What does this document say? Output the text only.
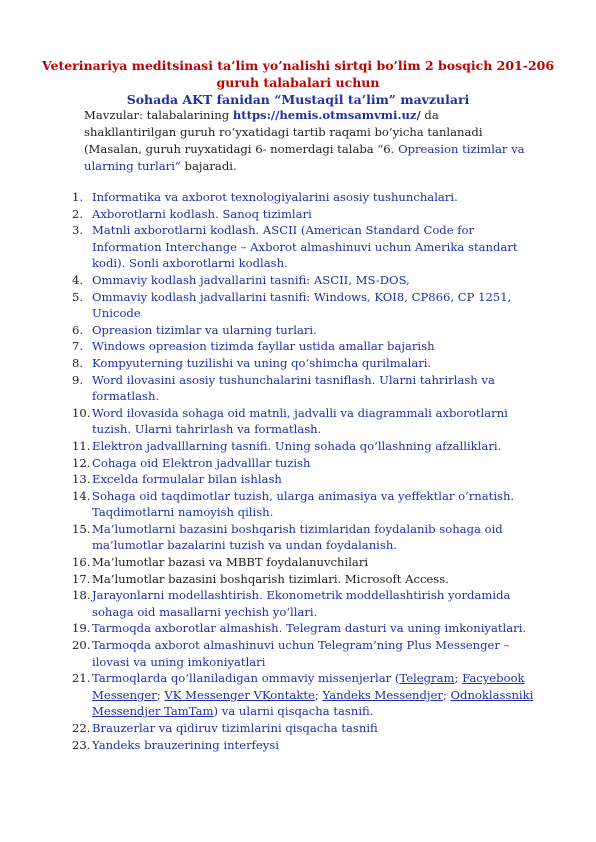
Veterinariya meditsinasi ta’lim yo’nalishi sirtqi bo’lim 2 bosqich 201-206
guruh talabalari uchun
Sohada AKT fanidan “Mustaqil ta’lim” mavzulari
Mavzular: talabalarining https://hemis.otmsamvmi.uz/ da shakllantirilgan guruh ro‘yxatidagi tartib raqami bo‘yicha tanlanadi (Masalan, guruh ruyxatidagi 6- nomerdagi talaba “6. Opreasion tizimlar va ularning turlari” bajaradi.
1. Informatika va axborot texnologiyalarini asosiy tushunchalari.
2. Axborotlarni kodlash. Sanoq tizimlari
3. Matnli axborotlarni kodlash. ASCII (American Standard Code for Information Interchange – Axborot almashinuvi uchun Amerika standart kodi). Sonli axborotlarni kodlash.
4. Ommaviy kodlash jadvallarini tasnifi: ASCII, MS-DOS,
5. Ommaviy kodlash jadvallarini tasnifi: Windows, KOI8, CP866, CP 1251, Unicode
6. Opreasion tizimlar va ularning turlari.
7. Windows opreasion tizimda fayllar ustida amallar bajarish
8. Kompyuterning tuzilishi va uning qo‘shimcha qurilmalari.
9. Word ilovasini asosiy tushunchalarini tasniflash. Ularni tahrirlash va formatlash.
10. Word ilovasida sohaga oid matnli, jadvalli va diagrammali axborotlarni tuzish. Ularni tahrirlash va formatlash.
11. Elektron jadvalllarning tasnifi. Uning sohada qo‘llashning afzalliklari.
12. Cohaga oid Elektron jadvalllar tuzish
13. Excelda formulalar bilan ishlash
14. Sohaga oid taqdimotlar tuzish, ularga animasiya va yeffektlar o‘rnatish. Taqdimotlarni namoyish qilish.
15. Ma’lumotlarni bazasini boshqarish tizimlaridan foydalanib sohaga oid ma’lumotlar bazalarini tuzish va undan foydalanish.
16. Ma’lumotlar bazasi va MBBT foydalanuvchilari
17. Ma’lumotlar bazasini boshqarish tizimlari. Microsoft Access.
18. Jarayonlarni modellashtirish. Ekonometrik moddellashtirish yordamida sohaga oid masallarni yechish yo‘llari.
19. Tarmoqda axborotlar almashish. Telegram dasturi va uning imkoniyatlari.
20. Tarmoqda axborot almashinuvi uchun Telegram’ning Plus Messenger – ilovasi va uning imkoniyatlari
21. Tarmoqlarda qo‘llaniladigan ommaviy missenjerlar (Telegram; Facyebook Messenger; VK Messenger VKontakte; Yandeks Messendjer; Odnoklassniki Messendjer TamTam) va ularni qisqacha tasnifi.
22. Brauzerlar va qidiruv tizimlarini qisqacha tasnifi
23. Yandeks brauzerining interfeysi
